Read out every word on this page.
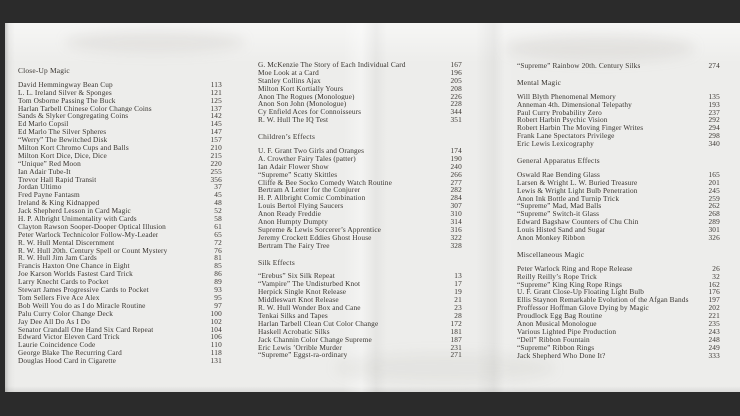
Close-Up Magic
David Hemmingway Bean Cup	113
L. L. Ireland Silver & Sponges	121
Tom Osborne Passing The Buck	125
Harlan Tarbell Chinese Color Change Coins	137
Sands & Slyker Congregating Coins	142
Ed Marlo Copsil	145
Ed Marlo The Silver Spheres	147
“Werry” The Bewitched Disk	157
Milton Kort Chromo Cups and Balls	210
Milton Kort Dice, Dice, Dice	215
“Unique” Red Moon	220
Ian Adair Tube-It	255
Trevor Hall Rapid Transit	356
Jordan Ultimo	37
Fred Payne Fantasm	45
Ireland & King Kidnapped	48
Jack Shepherd Lesson in Card Magic	52
H. P. Albright Unimentality with Cards	58
Clayton Rawson Sooper-Dooper Optical Illusion	61
Peter Warlock Technicolor Follow-My-Leader	65
R. W. Hull Mental Discernment	72
R. W. Hull 20th. Century Spell or Count Mystery	76
R. W. Hull Jim Jam Cards	81
Francis Haxton One Chance in Eight	85
Joe Karson Worlds Fastest Card Trick	86
Larry Knecht Cards to Pocket	89
Stewart James Progressive Cards to Pocket	93
Tom Sellers Five Ace Alex	95
Bob Weill You do as I do Miracle Routine	97
Palu Curry Color Change Deck	100
Jay Dee All Do As I Do	102
Senator Crandall One Hand Six Card Repeat	104
Edward Victor Eleven Card Trick	106
Laurie Coincidence Code	110
George Blake The Recurring Card	118
Douglas Hood Card in Cigarette	131
G. McKenzie The Story of Each Individual Card	167
Moe Look at a Card	196
Stanley Collins Ajax	205
Milton Kort Kortially Yours	208
Anon The Rogues (Monologue)	226
Anon Son John (Monologue)	228
Cy Enfield Aces for Connoisseurs	344
R. W. Hull The IQ Test	351
Children’s Effects
U. F. Grant Two Girls and Oranges	174
A. Crowther Fairy Tales (patter)	190
Ian Adair Flower Show	240
“Supreme” Scatty Skittles	266
Cliffe & Bee Socko Comedy Watch Routine	277
Bertram A Letter for the Conjurer	282
H. P. Allbright Comic Combination	284
Louis Bertol Flying Saucers	307
Anon Ready Freddie	310
Anon Humpty Dumpty	314
Supreme & Lewis Sorcerer’s Apprentice	316
Jeremy Crockett Eddies Ghost House	322
Bertram The Fairy Tree	328
Silk Effects
“Erebus” Six Silk Repeat	13
“Vampire” The Undisturbed Knot	17
Herpick Single Knot Release	19
Middleswart Knot Release	21
R. W. Hull Wonder Box and Cane	23
Tenkai Silks and Tapes	28
Harlan Tarbell Clean Cut Color Change	172
Haskell Acrobatic Silks	181
Jack Channin Color Change Supreme	187
Eric Lewis ’Orrible Murder	231
“Supreme” Eggst-ra-ordinary	271
“Supreme” Rainbow 20th. Century Silks	274
Mental Magic
Will Blyth Phenomenal Memory	135
Anneman 4th. Dimensional Telepathy	193
Paul Curry Probability Zero	237
Robert Harbin Psychic Vision	292
Robert Harbin The Moving Finger Writes	294
Frank Lane Spectators Privilege	298
Eric Lewis Lexicography	340
General Apparatus Effects
Oswald Rae Bending Glass	165
Larsen & Wright L. W. Buried Treasure	201
Lewis & Wright Light Bulb Penetration	245
Anon Ink Bottle and Turnip Trick	259
“Supreme” Mad, Mad Balls	262
“Supreme” Switch-it Glass	268
Edward Bagshaw Counters of Chu Chin	289
Louis Histed Sand and Sugar	301
Anon Monkey Ribbon	326
Miscellaneous Magic
Peter Warlock Ring and Rope Release	26
Reilly Reilly’s Rope Trick	32
“Supreme” King King Rope Rings	162
U. F. Grant Close-Up Floating Light Bulb	176
Ellis Staynon Remarkable Evolution of the Afgan Bands	197
Proffessor Hoffman Glove Dying by Magic	202
Proudlock Egg Bag Routine	221
Anon Musical Monologue	235
Various Lighted Pipe Production	243
“Dell” Ribbon Fountain	248
“Supreme” Ribbon Rings	249
Jack Shepherd Who Done It?	333
